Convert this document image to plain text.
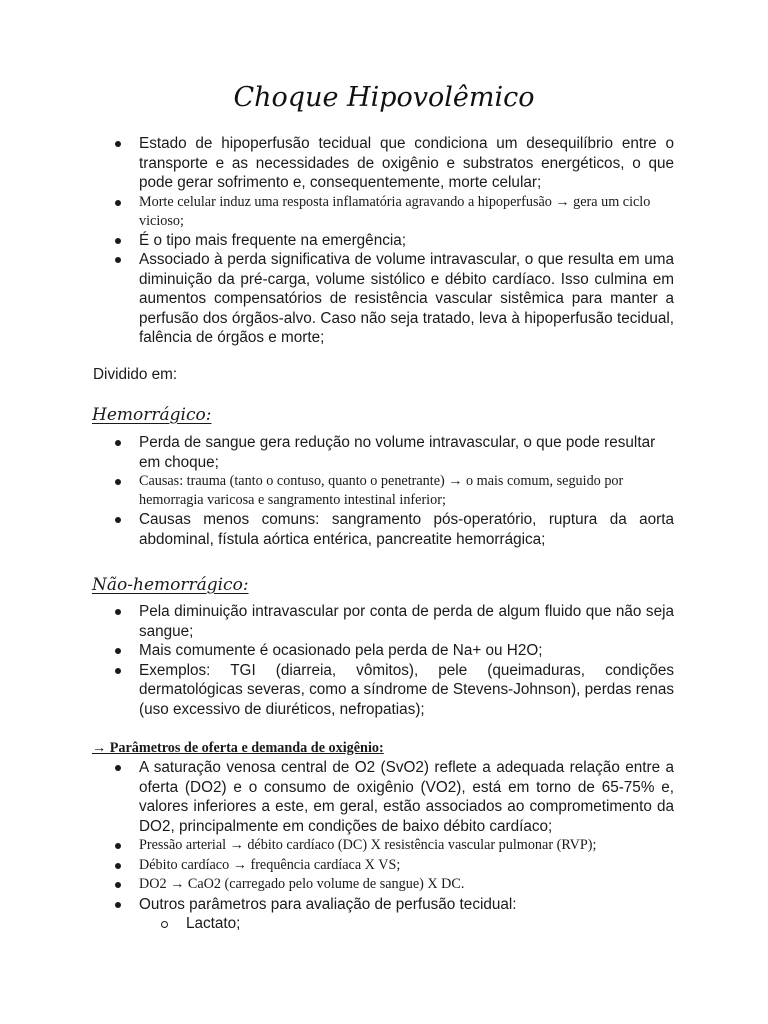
Choque Hipovolêmico
Estado de hipoperfusão tecidual que condiciona um desequilíbrio entre o transporte e as necessidades de oxigênio e substratos energéticos, o que pode gerar sofrimento e, consequentemente, morte celular;
Morte celular induz uma resposta inflamatória agravando a hipoperfusão → gera um ciclo vicioso;
É o tipo mais frequente na emergência;
Associado à perda significativa de volume intravascular, o que resulta em uma diminuição da pré-carga, volume sistólico e débito cardíaco. Isso culmina em aumentos compensatórios de resistência vascular sistêmica para manter a perfusão dos órgãos-alvo. Caso não seja tratado, leva à hipoperfusão tecidual, falência de órgãos e morte;
Dividido em:
Hemorrágico:
Perda de sangue gera redução no volume intravascular, o que pode resultar em choque;
Causas: trauma (tanto o contuso, quanto o penetrante) → o mais comum, seguido por hemorragia varicosa e sangramento intestinal inferior;
Causas menos comuns: sangramento pós-operatório, ruptura da aorta abdominal, fístula aórtica entérica, pancreatite hemorrágica;
Não-hemorrágico:
Pela diminuição intravascular por conta de perda de algum fluido que não seja sangue;
Mais comumente é ocasionado pela perda de Na+ ou H2O;
Exemplos: TGI (diarreia, vômitos), pele (queimaduras, condições dermatológicas severas, como a síndrome de Stevens-Johnson), perdas renas (uso excessivo de diuréticos, nefropatias);
→ Parâmetros de oferta e demanda de oxigênio:
A saturação venosa central de O2 (SvO2) reflete a adequada relação entre a oferta (DO2) e o consumo de oxigênio (VO2), está em torno de 65-75% e, valores inferiores a este, em geral, estão associados ao comprometimento da DO2, principalmente em condições de baixo débito cardíaco;
Pressão arterial → débito cardíaco (DC) X resistência vascular pulmonar (RVP);
Débito cardíaco → frequência cardíaca X VS;
DO2 → CaO2 (carregado pelo volume de sangue) X DC.
Outros parâmetros para avaliação de perfusão tecidual:
Lactato;
